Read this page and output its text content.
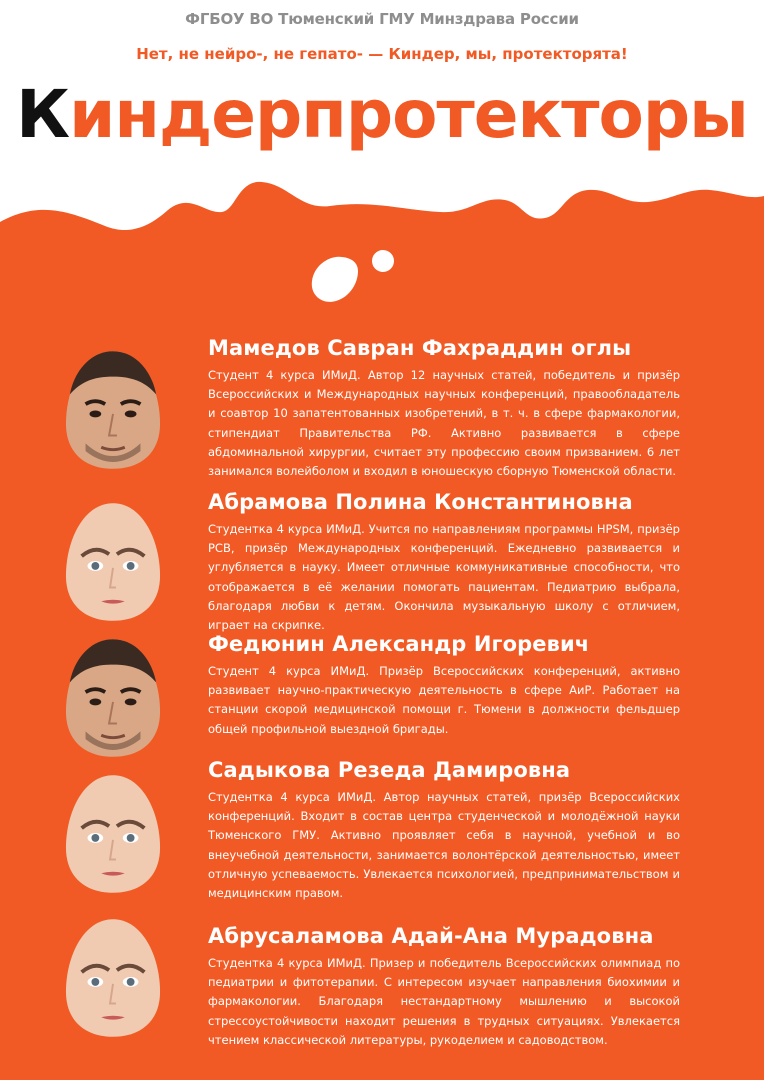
ФГБОУ ВО Тюменский ГМУ Минздрава России
Нет, не нейро-, не гепато- — Киндер, мы, протекторята!
Киндерпротекторы
Мамедов Савран Фахраддин оглы
Студент 4 курса ИМиД. Автор 12 научных статей, победитель и призёр Всероссийских и Международных научных конференций, правообладатель и соавтор 10 запатентованных изобретений, в т. ч. в сфере фармакологии, стипендиат Правительства РФ. Активно развивается в сфере абдоминальной хирургии, считает эту профессию своим призванием. 6 лет занимался волейболом и входил в юношескую сборную Тюменской области.
Абрамова Полина Константиновна
Студентка 4 курса ИМиД. Учится по направлениям программы HPSM, призёр РСВ, призёр Международных конференций. Ежедневно развивается и углубляется в науку. Имеет отличные коммуникативные способности, что отображается в её желании помогать пациентам. Педиатрию выбрала, благодаря любви к детям. Окончила музыкальную школу с отличием, играет на скрипке.
Федюнин Александр Игоревич
Студент 4 курса ИМиД. Призёр Всероссийских конференций, активно развивает научно-практическую деятельность в сфере АиР. Работает на станции скорой медицинской помощи г. Тюмени в должности фельдшер общей профильной выездной бригады.
Садыкова Резеда Дамировна
Студентка 4 курса ИМиД. Автор научных статей, призёр Всероссийских конференций. Входит в состав центра студенческой и молодёжной науки Тюменского ГМУ. Активно проявляет себя в научной, учебной и во внеучебной деятельности, занимается волонтёрской деятельностью, имеет отличную успеваемость. Увлекается психологией, предпринимательством и медицинским правом.
Абрусаламова Адай-Ана Мурадовна
Студентка 4 курса ИМиД. Призер и победитель Всероссийских олимпиад по педиатрии и фитотерапии. С интересом изучает направления биохимии и фармакологии. Благодаря нестандартному мышлению и высокой стрессоустойчивости находит решения в трудных ситуациях. Увлекается чтением классической литературы, рукоделием и садоводством.
